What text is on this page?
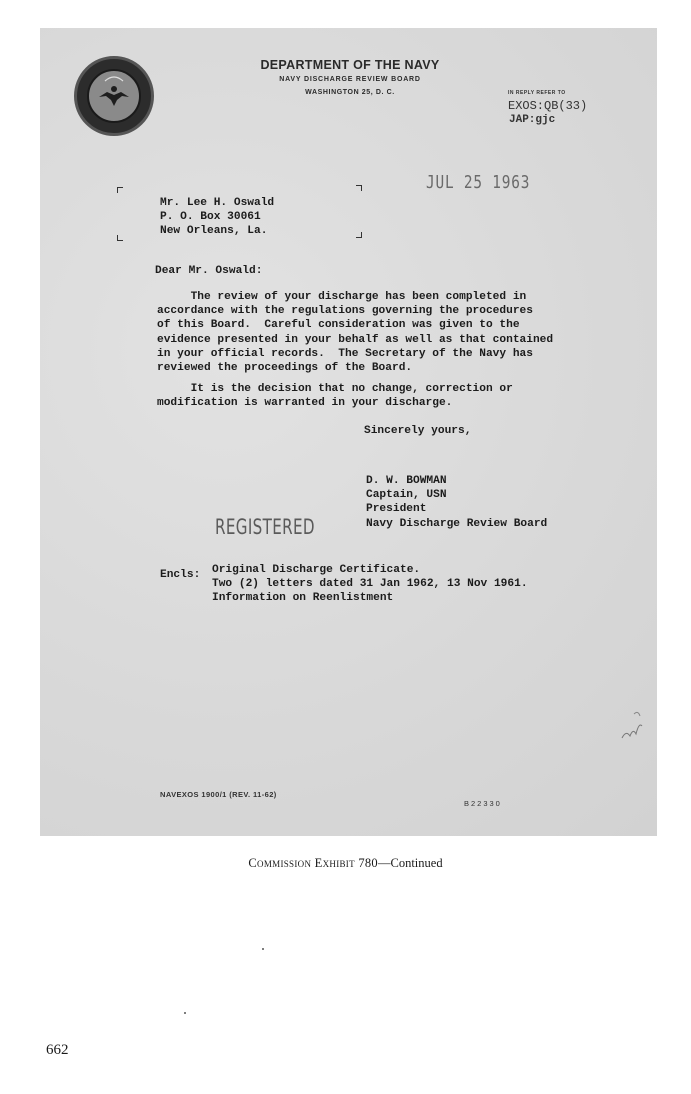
DEPARTMENT OF THE NAVY
NAVY DISCHARGE REVIEW BOARD
WASHINGTON 25, D. C.	IN REPLY REFER TO
EXOS:QB(33)
JAP:gjc
JUL 25 1963
Mr. Lee H. Oswald
P. O. Box 30061
New Orleans, La.
Dear Mr. Oswald:
The review of your discharge has been completed in
accordance with the regulations governing the procedures
of this Board.  Careful consideration was given to the
evidence presented in your behalf as well as that contained
in your official records.  The Secretary of the Navy has
reviewed the proceedings of the Board.
It is the decision that no change, correction or
modification is warranted in your discharge.
Sincerely yours,
D. W. BOWMAN
Captain, USN
President
Navy Discharge Review Board
REGISTERED
Encls: Original Discharge Certificate.
Two (2) letters dated 31 Jan 1962, 13 Nov 1961.
Information on Reenlistment
NAVEXOS 1900/1 (REV. 11-62)
B22330
Commission Exhibit 780—Continued
662
